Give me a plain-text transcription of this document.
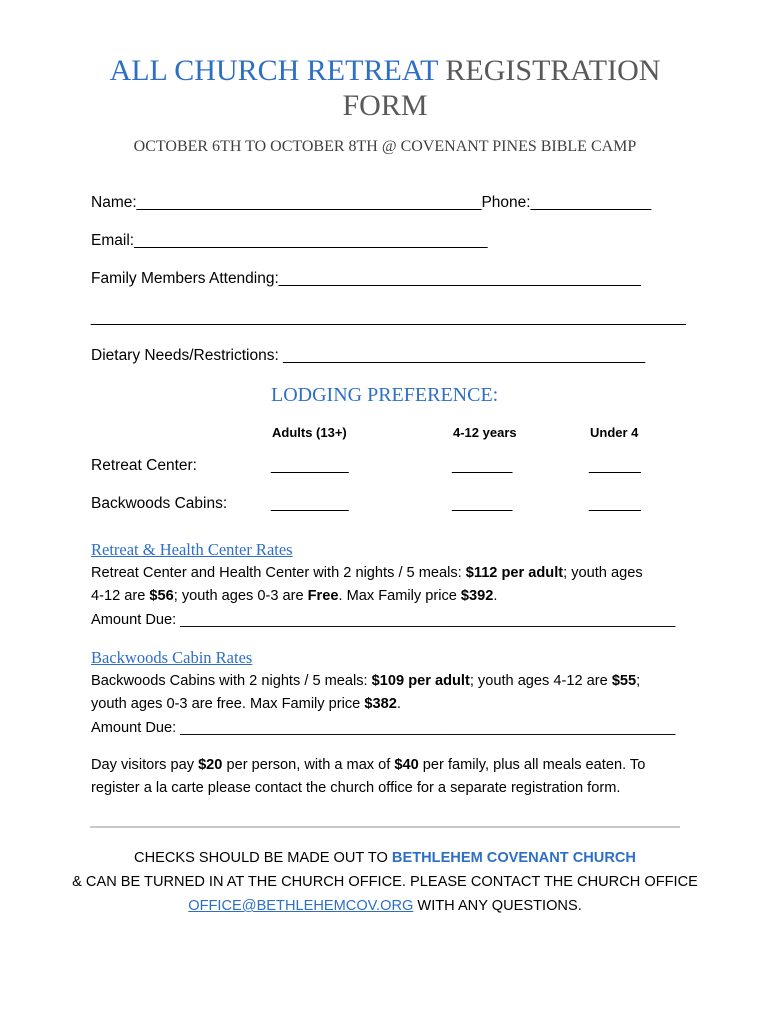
ALL CHURCH RETREAT REGISTRATION
FORM
OCTOBER 6TH TO OCTOBER 8TH @ COVENANT PINES BIBLE CAMP
Name:________________________________________Phone:______________
Email:_________________________________________
Family Members Attending:__________________________________________
_____________________________________________________________________
Dietary Needs/Restrictions: __________________________________________
LODGING PREFERENCE:
Adults (13+)	4-12 years	Under 4
Retreat Center:	_________	_______	______
Backwoods Cabins:	_________	_______	______
Retreat & Health Center Rates
Retreat Center and Health Center with 2 nights / 5 meals: $112 per adult; youth ages
4-12 are $56; youth ages 0-3 are Free. Max Family price $392.
Amount Due: _____________________________________________________________
Backwoods Cabin Rates
Backwoods Cabins with 2 nights / 5 meals: $109 per adult; youth ages 4-12 are $55;
youth ages 0-3 are free. Max Family price $382.
Amount Due: _____________________________________________________________
Day visitors pay $20 per person, with a max of $40 per family, plus all meals eaten. To
register a la carte please contact the church office for a separate registration form.
CHECKS SHOULD BE MADE OUT TO BETHLEHEM COVENANT CHURCH
& CAN BE TURNED IN AT THE CHURCH OFFICE. PLEASE CONTACT THE CHURCH OFFICE
OFFICE@BETHLEHEMCOV.ORG WITH ANY QUESTIONS.
